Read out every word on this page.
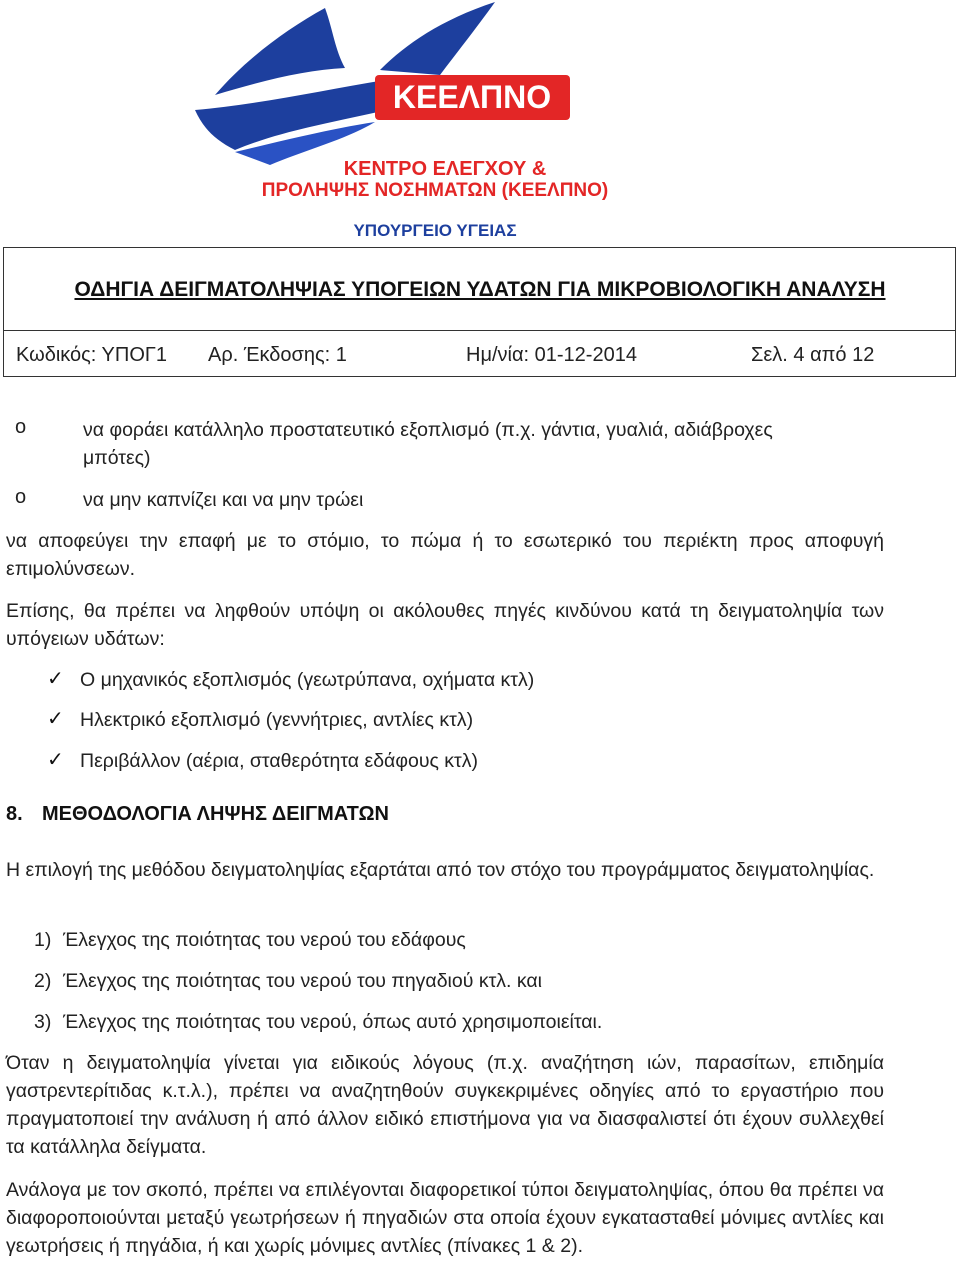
ΚΕΕΛΠΝΟ
ΚΕΝΤΡΟ ΕΛΕΓΧΟΥ &
ΠΡΟΛΗΨΗΣ ΝΟΣΗΜΑΤΩΝ (ΚΕΕΛΠΝΟ)
ΥΠΟΥΡΓΕΙΟ ΥΓΕΙΑΣ
ΟΔΗΓΙΑ ΔΕΙΓΜΑΤΟΛΗΨΙΑΣ ΥΠΟΓΕΙΩΝ ΥΔΑΤΩΝ ΓΙΑ ΜΙΚΡΟΒΙΟΛΟΓΙΚΗ ΑΝΑΛΥΣΗ
Κωδικός: ΥΠΟΓ1 Αρ. Έκδοσης: 1	Ημ/νία: 01-12-2014	Σελ. 4 από 12
o	να φοράει κατάλληλο προστατευτικό εξοπλισμό (π.χ. γάντια, γυαλιά, αδιάβροχες
μπότες)
o	να μην καπνίζει και να μην τρώει
να αποφεύγει την επαφή με το στόμιο, το πώμα ή το εσωτερικό του περιέκτη προς αποφυγή επιμολύνσεων.
Επίσης, θα πρέπει να ληφθούν υπόψη οι ακόλουθες πηγές κινδύνου κατά τη δειγματοληψία των υπόγειων υδάτων:
✓ Ο μηχανικός εξοπλισμός (γεωτρύπανα, οχήματα κτλ)
✓ Ηλεκτρικό εξοπλισμό (γεννήτριες, αντλίες κτλ)
✓ Περιβάλλον (αέρια, σταθερότητα εδάφους κτλ)
8. ΜΕΘΟΔΟΛΟΓΙΑ ΛΗΨΗΣ ΔΕΙΓΜΑΤΩΝ
Η επιλογή της μεθόδου δειγματοληψίας εξαρτάται από τον στόχο του προγράμματος δειγματοληψίας.
1) Έλεγχος της ποιότητας του νερού του εδάφους
2) Έλεγχος της ποιότητας του νερού του πηγαδιού κτλ. και
3) Έλεγχος της ποιότητας του νερού, όπως αυτό χρησιμοποιείται.
Όταν η δειγματοληψία γίνεται για ειδικούς λόγους (π.χ. αναζήτηση ιών, παρασίτων, επιδημία γαστρεντερίτιδας κ.τ.λ.), πρέπει να αναζητηθούν συγκεκριμένες οδηγίες από το εργαστήριο που πραγματοποιεί την ανάλυση ή από άλλον ειδικό επιστήμονα για να διασφαλιστεί ότι έχουν συλλεχθεί τα κατάλληλα δείγματα.
Ανάλογα με τον σκοπό, πρέπει να επιλέγονται διαφορετικοί τύποι δειγματοληψίας, όπου θα πρέπει να διαφοροποιούνται μεταξύ γεωτρήσεων ή πηγαδιών στα οποία έχουν εγκατασταθεί μόνιμες αντλίες και γεωτρήσεις ή πηγάδια, ή και χωρίς μόνιμες αντλίες (πίνακες 1 & 2).
